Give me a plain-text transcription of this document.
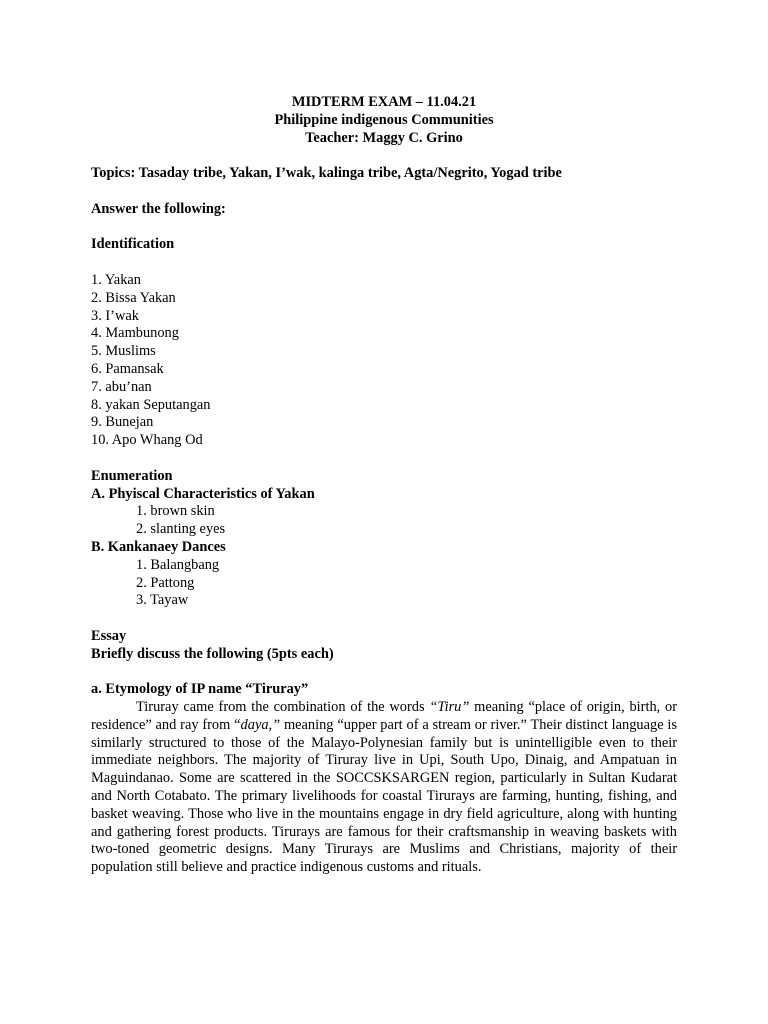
MIDTERM EXAM – 11.04.21
Philippine indigenous Communities
Teacher: Maggy C. Grino
Topics: Tasaday tribe, Yakan, I’wak, kalinga tribe, Agta/Negrito, Yogad tribe
Answer the following:
Identification
1. Yakan
2. Bissa Yakan
3. I’wak
4. Mambunong
5. Muslims
6. Pamansak
7. abu’nan
8. yakan Seputangan
9. Bunejan
10. Apo Whang Od
Enumeration
A. Phyiscal Characteristics of Yakan
1. brown skin
2. slanting eyes
B. Kankanaey Dances
1. Balangbang
2. Pattong
3. Tayaw
Essay
Briefly discuss the following (5pts each)
a. Etymology of IP name “Tiruray”

Tiruray came from the combination of the words “Tiru” meaning “place of origin, birth, or residence” and ray from “daya,” meaning “upper part of a stream or river.” Their distinct language is similarly structured to those of the Malayo-Polynesian family but is unintelligible even to their immediate neighbors. The majority of Tiruray live in Upi, South Upo, Dinaig, and Ampatuan in Maguindanao. Some are scattered in the SOCCSKSARGEN region, particularly in Sultan Kudarat and North Cotabato. The primary livelihoods for coastal Tirurays are farming, hunting, fishing, and basket weaving. Those who live in the mountains engage in dry field agriculture, along with hunting and gathering forest products. Tirurays are famous for their craftsmanship in weaving baskets with two-toned geometric designs. Many Tirurays are Muslims and Christians, majority of their population still believe and practice indigenous customs and rituals.
